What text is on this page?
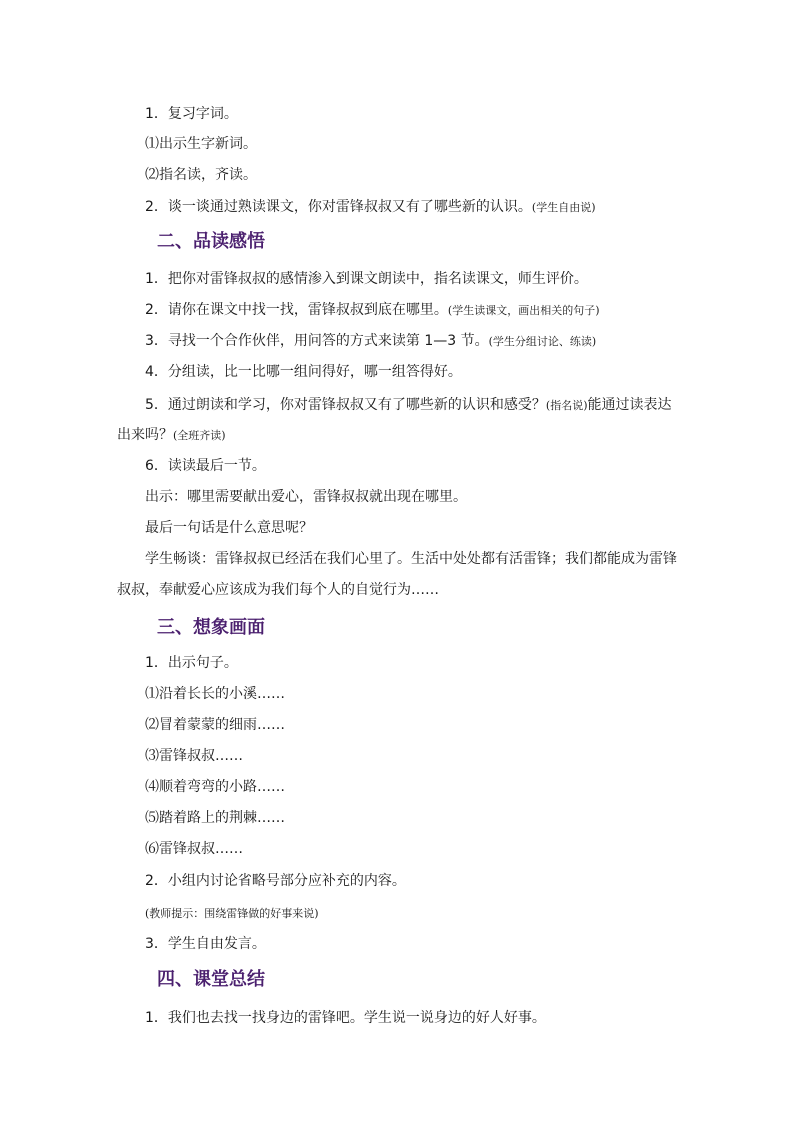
1．复习字词。
⑴出示生字新词。
⑵指名读，齐读。
2．谈一谈通过熟读课文，你对雷锋叔叔又有了哪些新的认识。(学生自由说)
二、品读感悟
1．把你对雷锋叔叔的感情渗入到课文朗读中，指名读课文，师生评价。
2．请你在课文中找一找，雷锋叔叔到底在哪里。(学生读课文，画出相关的句子)
3．寻找一个合作伙伴，用问答的方式来读第 1—3 节。(学生分组讨论、练读)
4．分组读，比一比哪一组问得好，哪一组答得好。
5．通过朗读和学习，你对雷锋叔叔又有了哪些新的认识和感受？(指名说)能通过读表达
出来吗？(全班齐读)
6．读读最后一节。
出示：哪里需要献出爱心，雷锋叔叔就出现在哪里。
最后一句话是什么意思呢？
学生畅谈：雷锋叔叔已经活在我们心里了。生活中处处都有活雷锋；我们都能成为雷锋
叔叔，奉献爱心应该成为我们每个人的自觉行为……
三、想象画面
1．出示句子。
⑴沿着长长的小溪……
⑵冒着蒙蒙的细雨……
⑶雷锋叔叔……
⑷顺着弯弯的小路……
⑸踏着路上的荆棘……
⑹雷锋叔叔……
2．小组内讨论省略号部分应补充的内容。
(教师提示：围绕雷锋做的好事来说)
3．学生自由发言。
四、课堂总结
1．我们也去找一找身边的雷锋吧。学生说一说身边的好人好事。
